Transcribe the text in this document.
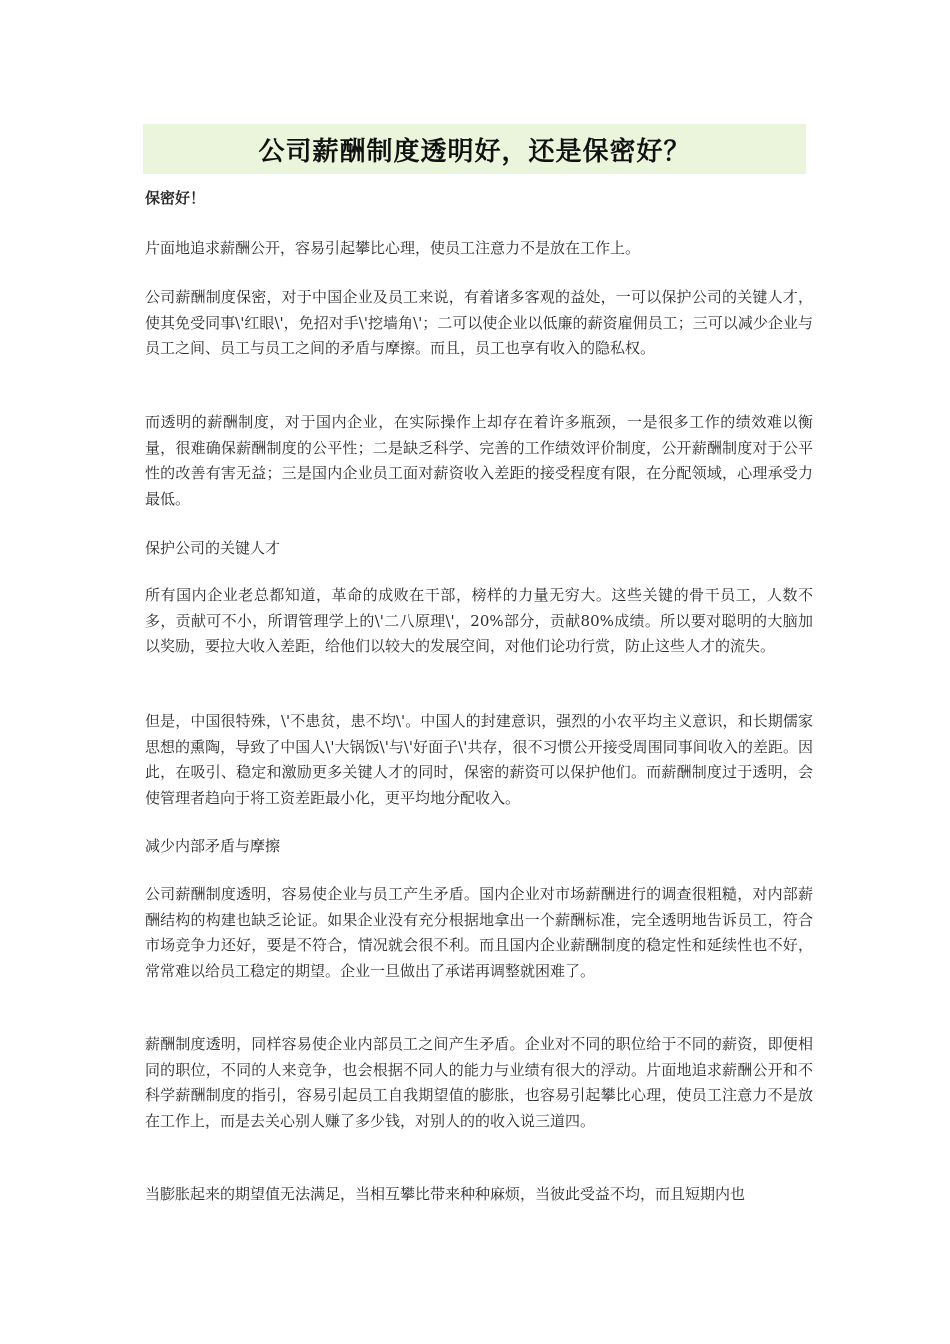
公司薪酬制度透明好，还是保密好？
保密好！
片面地追求薪酬公开，容易引起攀比心理，使员工注意力不是放在工作上。
公司薪酬制度保密，对于中国企业及员工来说，有着诸多客观的益处，一可以保护公司的关键人才，使其免受同事\'红眼\'，免招对手\'挖墙角\'；二可以使企业以低廉的薪资雇佣员工；三可以减少企业与员工之间、员工与员工之间的矛盾与摩擦。而且，员工也享有收入的隐私权。
而透明的薪酬制度，对于国内企业，在实际操作上却存在着许多瓶颈，一是很多工作的绩效难以衡量，很难确保薪酬制度的公平性；二是缺乏科学、完善的工作绩效评价制度，公开薪酬制度对于公平性的改善有害无益；三是国内企业员工面对薪资收入差距的接受程度有限，在分配领域，心理承受力最低。
保护公司的关键人才
所有国内企业老总都知道，革命的成败在干部，榜样的力量无穷大。这些关键的骨干员工，人数不多，贡献可不小，所谓管理学上的\'二八原理\'，20%部分，贡献80%成绩。所以要对聪明的大脑加以奖励，要拉大收入差距，给他们以较大的发展空间，对他们论功行赏，防止这些人才的流失。
但是，中国很特殊，\'不患贫，患不均\'。中国人的封建意识，强烈的小农平均主义意识，和长期儒家思想的熏陶，导致了中国人\'大锅饭\'与\'好面子\'共存，很不习惯公开接受周围同事间收入的差距。因此，在吸引、稳定和激励更多关键人才的同时，保密的薪资可以保护他们。而薪酬制度过于透明，会使管理者趋向于将工资差距最小化，更平均地分配收入。
减少内部矛盾与摩擦
公司薪酬制度透明，容易使企业与员工产生矛盾。国内企业对市场薪酬进行的调查很粗糙，对内部薪酬结构的构建也缺乏论证。如果企业没有充分根据地拿出一个薪酬标准，完全透明地告诉员工，符合市场竞争力还好，要是不符合，情况就会很不利。而且国内企业薪酬制度的稳定性和延续性也不好，常常难以给员工稳定的期望。企业一旦做出了承诺再调整就困难了。
薪酬制度透明，同样容易使企业内部员工之间产生矛盾。企业对不同的职位给于不同的薪资，即便相同的职位，不同的人来竞争，也会根据不同人的能力与业绩有很大的浮动。片面地追求薪酬公开和不科学薪酬制度的指引，容易引起员工自我期望值的膨胀，也容易引起攀比心理，使员工注意力不是放在工作上，而是去关心别人赚了多少钱，对别人的的收入说三道四。
当膨胀起来的期望值无法满足，当相互攀比带来种种麻烦，当彼此受益不均，而且短期内也
